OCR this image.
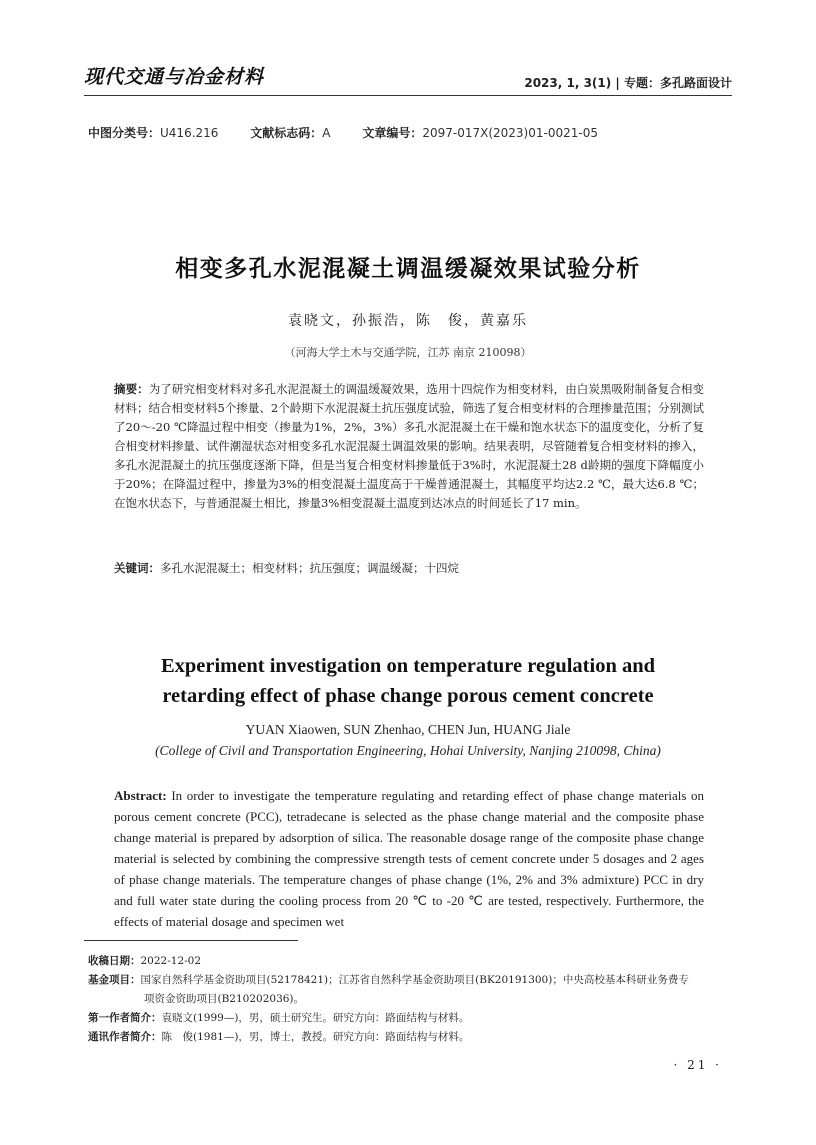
现代交通与冶金材料	2023, 1, 3(1) | 专题：多孔路面设计
中图分类号：U416.216	文献标志码：A	文章编号：2097-017X(2023)01-0021-05
相变多孔水泥混凝土调温缓凝效果试验分析
袁晓文，孙振浩，陈　俊，黄嘉乐
（河海大学土木与交通学院，江苏 南京 210098）
摘要：为了研究相变材料对多孔水泥混凝土的调温缓凝效果，选用十四烷作为相变材料，由白炭黑吸附制备复合相变材料；结合相变材料5个掺量、2个龄期下水泥混凝土抗压强度试验，筛选了复合相变材料的合理掺量范围；分别测试了20～-20 ℃降温过程中相变（掺量为1%，2%，3%）多孔水泥混凝土在干燥和饱水状态下的温度变化，分析了复合相变材料掺量、试件潮湿状态对相变多孔水泥混凝土调温效果的影响。结果表明，尽管随着复合相变材料的掺入，多孔水泥混凝土的抗压强度逐渐下降，但是当复合相变材料掺量低于3%时，水泥混凝土28 d龄期的强度下降幅度小于20%；在降温过程中，掺量为3%的相变混凝土温度高于干燥普通混凝土，其幅度平均达2.2 ℃，最大达6.8 ℃；在饱水状态下，与普通混凝土相比，掺量3%相变混凝土温度到达冰点的时间延长了17 min。
关键词：多孔水泥混凝土；相变材料；抗压强度；调温缓凝；十四烷
Experiment investigation on temperature regulation and
retarding effect of phase change porous cement concrete
YUAN Xiaowen, SUN Zhenhao, CHEN Jun, HUANG Jiale
(College of Civil and Transportation Engineering, Hohai University, Nanjing 210098, China)
Abstract: In order to investigate the temperature regulating and retarding effect of phase change materials on porous cement concrete (PCC), tetradecane is selected as the phase change material and the composite phase change material is prepared by adsorption of silica. The reasonable dosage range of the composite phase change material is selected by combining the compressive strength tests of cement concrete under 5 dosages and 2 ages of phase change materials. The temperature changes of phase change (1%, 2% and 3% admixture) PCC in dry and full water state during the cooling process from 20 ℃ to -20 ℃ are tested, respectively. Furthermore, the effects of material dosage and specimen wet
收稿日期：2022-12-02
基金项目：国家自然科学基金资助项目(52178421)；江苏省自然科学基金资助项目(BK20191300)；中央高校基本科研业务费专
项资金资助项目(B210202036)。
第一作者简介：袁晓文(1999—)，男，硕士研究生。研究方向：路面结构与材料。
通讯作者简介：陈　俊(1981—)，男，博士，教授。研究方向：路面结构与材料。
· 21 ·
